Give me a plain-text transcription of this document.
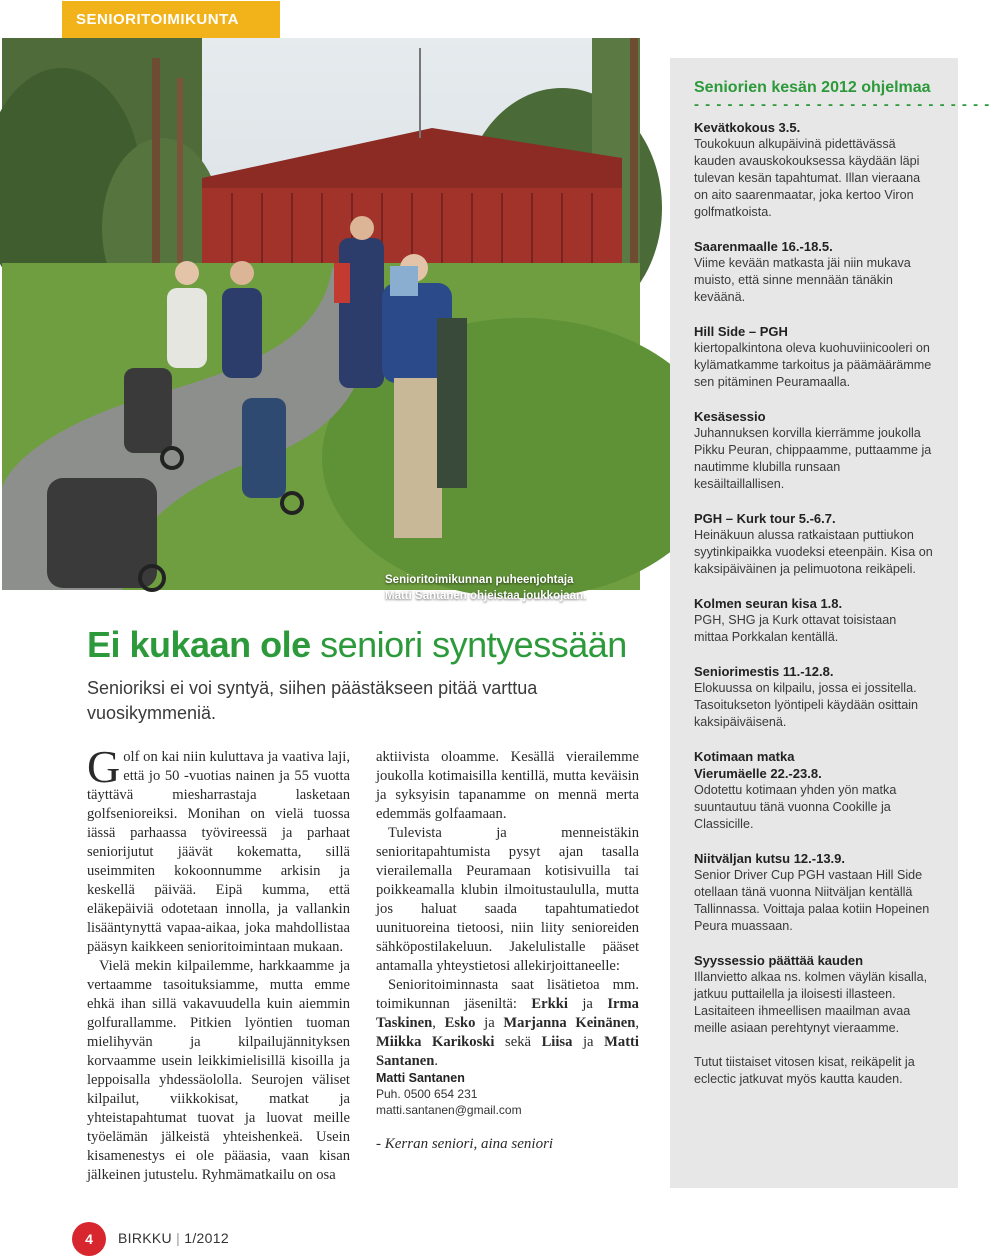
SENIORITOIMIKUNTA
Senioritoimikunnan puheenjohtaja
Matti Santanen ohjeistaa joukkojaan.
Seniorien kesän 2012 ohjelmaa
- - - - - - - - - - - - - - - - - - - - - - - - - - -
Kevätkokous 3.5.
Toukokuun alkupäivinä pidettävässä kauden avauskokouksessa käydään läpi tulevan kesän tapahtumat. Illan vieraana on aito saarenmaatar, joka kertoo Viron golfmatkoista.
Saarenmaalle 16.-18.5.
Viime kevään matkasta jäi niin mukava muisto, että sinne mennään tänäkin keväänä.
Hill Side – PGH
kiertopalkintona oleva kuohuviinicooleri on kylämatkamme tarkoitus ja päämäärämme sen pitäminen Peuramaalla.
Kesäsessio
Juhannuksen korvilla kierrämme joukolla Pikku Peuran, chippaamme, puttaamme ja nautimme klubilla runsaan kesäiltaillallisen.
PGH – Kurk tour 5.-6.7.
Heinäkuun alussa ratkaistaan puttiukon syytinkipaikka vuodeksi eteenpäin. Kisa on kaksipäiväinen ja pelimuotona reikäpeli.
Kolmen seuran kisa 1.8.
PGH, SHG ja Kurk ottavat toisistaan mittaa Porkkalan kentällä.
Seniorimestis 11.-12.8.
Elokuussa on kilpailu, jossa ei jossitella. Tasoitukseton lyöntipeli käydään osittain kaksipäiväisenä.
Kotimaan matka
Vierumäelle 22.-23.8.
Odotettu kotimaan yhden yön matka suuntautuu tänä vuonna Cookille ja Classicille.
Niitväljan kutsu 12.-13.9.
Senior Driver Cup PGH vastaan Hill Side otellaan tänä vuonna Niitväljan kentällä Tallinnassa. Voittaja palaa kotiin Hopeinen Peura muassaan.
Syyssessio päättää kauden
Illanvietto alkaa ns. kolmen väylän kisalla, jatkuu puttailella ja iloisesti illasteen. Lasitaiteen ihmeellisen maailman avaa meille asiaan perehtynyt vieraamme.
Tutut tiistaiset vitosen kisat, reikäpelit ja eclectic jatkuvat myös kautta kauden.
Ei kukaan ole seniori syntyessään
Senioriksi ei voi syntyä, siihen päästäkseen pitää varttua vuosikymmeniä.

Golf on kai niin kuluttava ja vaativa laji, että jo 50 -vuotias nainen ja 55 vuotta täyttävä miesharrastaja lasketaan golfsenioreiksi. Monihan on vielä tuossa iässä parhaassa työvireessä ja parhaat seniorijutut jäävät kokematta, sillä useimmiten kokoonnumme arkisin ja keskellä päivää. Eipä kumma, että eläkepäiviä odotetaan innolla, ja vallankin lisääntynyttä vapaa-aikaa, joka mahdollistaa pääsyn kaikkeen senioritoimintaan mukaan.

Vielä mekin kilpailemme, harkkaamme ja vertaamme tasoituksiamme, mutta emme ehkä ihan sillä vakavuudella kuin aiemmin golfurallamme. Pitkien lyöntien tuoman mielihyvän ja kilpailujännityksen korvaamme usein leikkimielisillä kisoilla ja leppoisalla yhdessäololla. Seurojen väliset kilpailut, viikkokisat, matkat ja yhteistapahtumat tuovat ja luovat meille työelämän jälkeistä yhteishenkeä. Usein kisamenestys ei ole pääasia, vaan kisan jälkeinen jutustelu. Ryhmämatkailu on osa

aktiivista oloamme. Kesällä vierailemme joukolla kotimaisilla kentillä, mutta keväisin ja syksyisin tapanamme on mennä merta edemmäs golfaamaan.

Tulevista ja menneistäkin senioritapahtumista pysyt ajan tasalla vierailemalla Peuramaan kotisivuilla tai poikkeamalla klubin ilmoitustaululla, mutta jos haluat saada tapahtumatiedot uunituoreina tietoosi, niin liity senioreiden sähköpostilakeluun. Jakelulistalle pääset antamalla yhteystietosi allekirjoittaneelle:

Senioritoiminnasta saat lisätietoa mm. toimikunnan jäseniltä: Erkki ja Irma Taskinen, Esko ja Marjanna Keinänen, Miikka Karikoski sekä Liisa ja Matti Santanen.

Matti Santanen
Puh. 0500 654 231
matti.santanen@gmail.com
- Kerran seniori, aina seniori
4	BIRKKU | 1/2012
